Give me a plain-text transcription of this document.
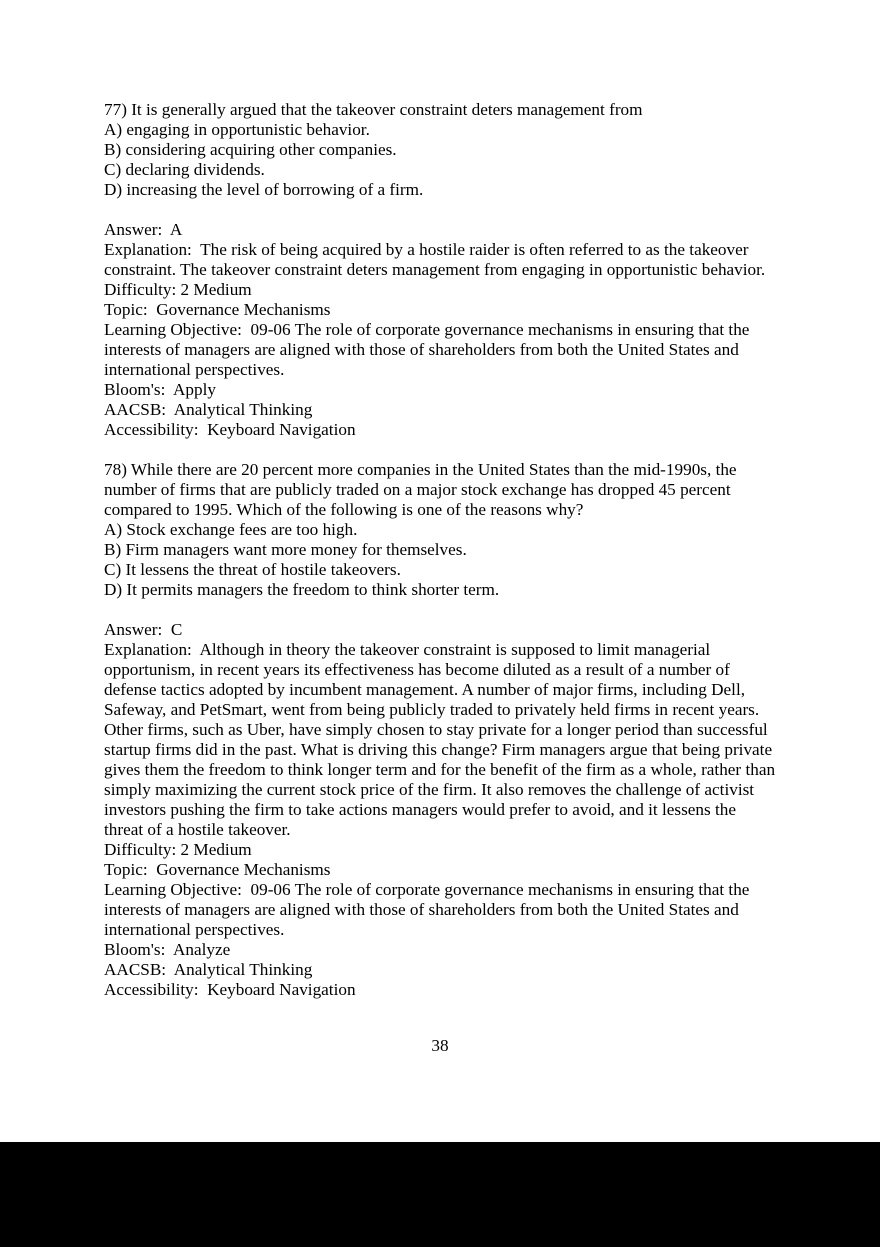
77) It is generally argued that the takeover constraint deters management from

A) engaging in opportunistic behavior.
B) considering acquiring other companies.
C) declaring dividends.
D) increasing the level of borrowing of a firm.
Answer:  A

Explanation:  The risk of being acquired by a hostile raider is often referred to as the takeover constraint. The takeover constraint deters management from engaging in opportunistic behavior.

Difficulty: 2 Medium
Topic:  Governance Mechanisms

Learning Objective:  09-06 The role of corporate governance mechanisms in ensuring that the interests of managers are aligned with those of shareholders from both the United States and international perspectives.

Bloom's:  Apply
AACSB:  Analytical Thinking
Accessibility:  Keyboard Navigation

78) While there are 20 percent more companies in the United States than the mid-1990s, the number of firms that are publicly traded on a major stock exchange has dropped 45 percent compared to 1995. Which of the following is one of the reasons why?

A) Stock exchange fees are too high.
B) Firm managers want more money for themselves.
C) It lessens the threat of hostile takeovers.
D) It permits managers the freedom to think shorter term.
Answer:  C

Explanation:  Although in theory the takeover constraint is supposed to limit managerial opportunism, in recent years its effectiveness has become diluted as a result of a number of defense tactics adopted by incumbent management. A number of major firms, including Dell, Safeway, and PetSmart, went from being publicly traded to privately held firms in recent years. Other firms, such as Uber, have simply chosen to stay private for a longer period than successful startup firms did in the past. What is driving this change? Firm managers argue that being private gives them the freedom to think longer term and for the benefit of the firm as a whole, rather than simply maximizing the current stock price of the firm. It also removes the challenge of activist investors pushing the firm to take actions managers would prefer to avoid, and it lessens the threat of a hostile takeover.

Difficulty: 2 Medium
Topic:  Governance Mechanisms

Learning Objective:  09-06 The role of corporate governance mechanisms in ensuring that the interests of managers are aligned with those of shareholders from both the United States and international perspectives.

Bloom's:  Analyze
AACSB:  Analytical Thinking
Accessibility:  Keyboard Navigation
38
